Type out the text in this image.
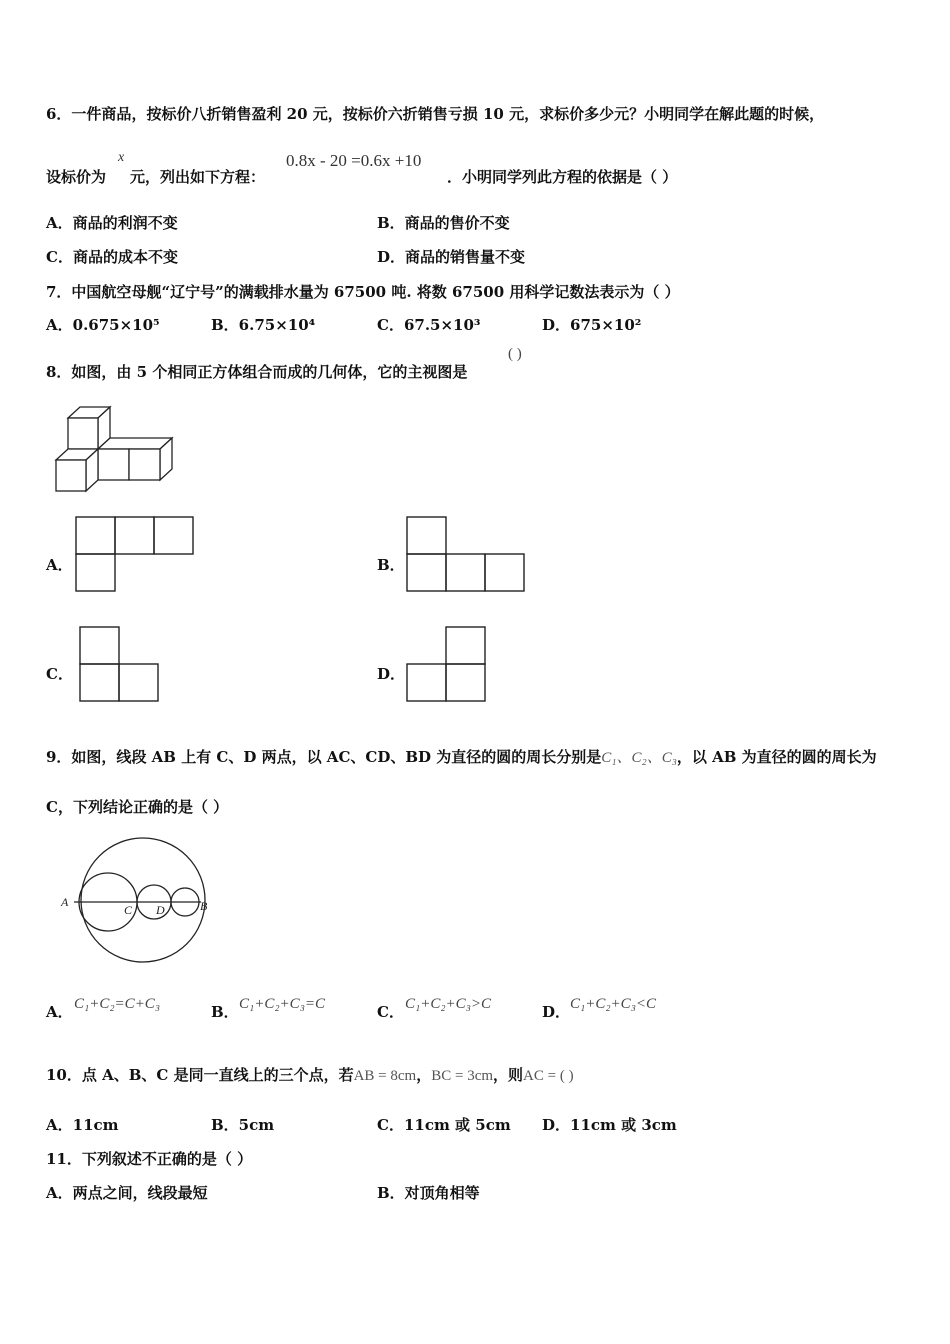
6．一件商品，按标价八折销售盈利 20 元，按标价六折销售亏损 10 元，求标价多少元？小明同学在解此题的时候，
设标价为
x
元，列出如下方程：
0.8x - 20 =0.6x +10
．小明同学列此方程的依据是（ ）
A．商品的利润不变	B．商品的售价不变
C．商品的成本不变	D．商品的销售量不变
7．中国航空母舰“辽宁号”的满载排水量为 67500 吨. 将数 67500 用科学记数法表示为（ ）
A．0.675×10⁵	B．6.75×10⁴	C．67.5×10³	D．675×10²
8．如图，由 5 个相同正方体组合而成的几何体，它的主视图是
( )
A．	B．
C．	D．
9．如图，线段 AB 上有 C、D 两点，以 AC、CD、BD 为直径的圆的周长分别是C₁、C₂、C₃，以 AB 为直径的圆的周长为
C，下列结论正确的是（ ）
A
C D	B
A． C₁+C₂=C+C₃	B． C₁+C₂+C₃=C	C． C₁+C₂+C₃>C	D． C₁+C₂+C₃<C
10．点 A、B、C 是同一直线上的三个点，若AB = 8cm，BC = 3cm，则AC = ( )
A．11cm	B．5cm	C．11cm 或 5cm D．11cm 或 3cm
11．下列叙述不正确的是（ ）
A．两点之间，线段最短	B．对顶角相等
